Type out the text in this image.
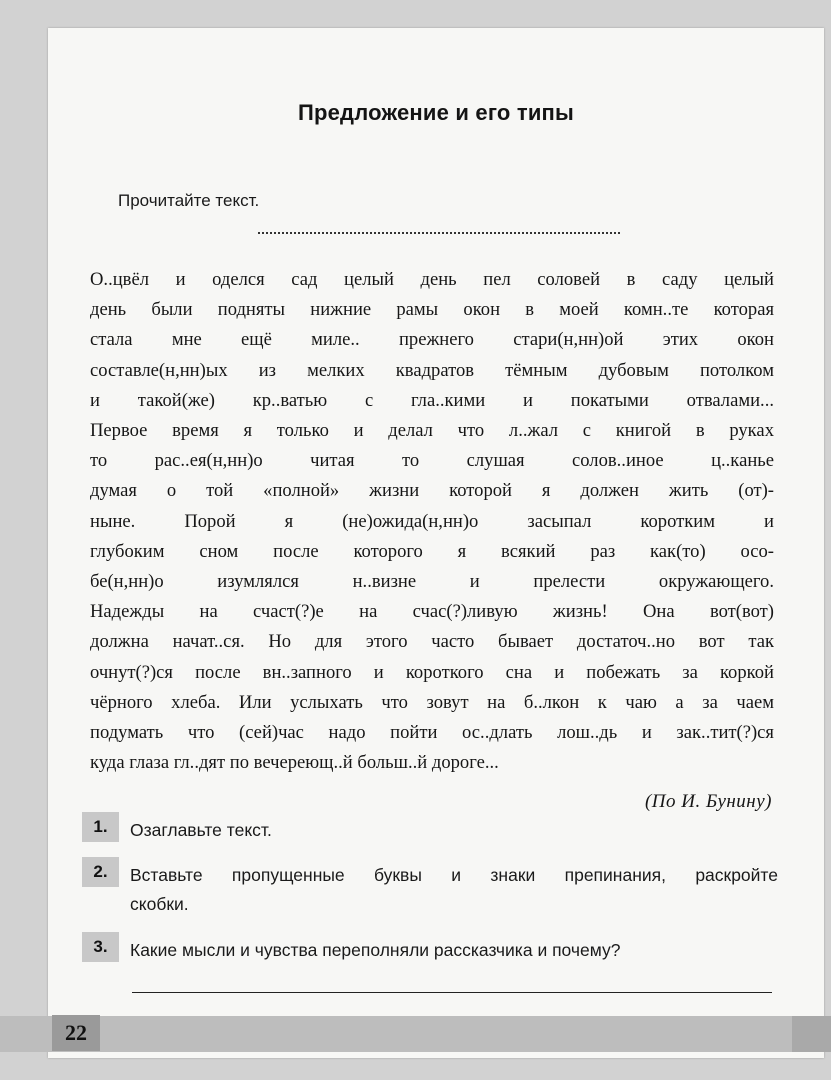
Предложение и его типы
Прочитайте текст.
О..цвёл и оделся сад целый день пел соловей в саду целый
день были подняты нижние рамы окон в моей комн..те которая
стала мне ещё миле.. прежнего стари(н,нн)ой этих окон
составле(н,нн)ых из мелких квадратов тёмным дубовым потолком
и такой(же) кр..ватью с гла..кими и покатыми отвалами...
Первое время я только и делал что л..жал с книгой в руках
то рас..ея(н,нн)о читая то слушая солов..иное ц..канье
думая о той «полной» жизни которой я должен жить (от)-
ныне. Порой я (не)ожида(н,нн)о засыпал коротким и
глубоким сном после которого я всякий раз как(то) осо-
бе(н,нн)о изумлялся н..визне и прелести окружающего.
Надежды на счаст(?)е на счас(?)ливую жизнь! Она вот(вот)
должна начат..ся. Но для этого часто бывает достаточ..но вот так
очнут(?)ся после вн..запного и короткого сна и побежать за коркой
чёрного хлеба. Или услыхать что зовут на б..лкон к чаю а за чаем
подумать что (сей)час надо пойти ос..длать лош..дь и зак..тит(?)ся
куда глаза гл..дят по вечереющ..й больш..й дороге...
(По И. Бунину)
1.	Озаглавьте текст.
2.	Вставьте пропущенные буквы и знаки препинания, раскройте
скобки.
3.	Какие мысли и чувства переполняли рассказчика и почему?
22
